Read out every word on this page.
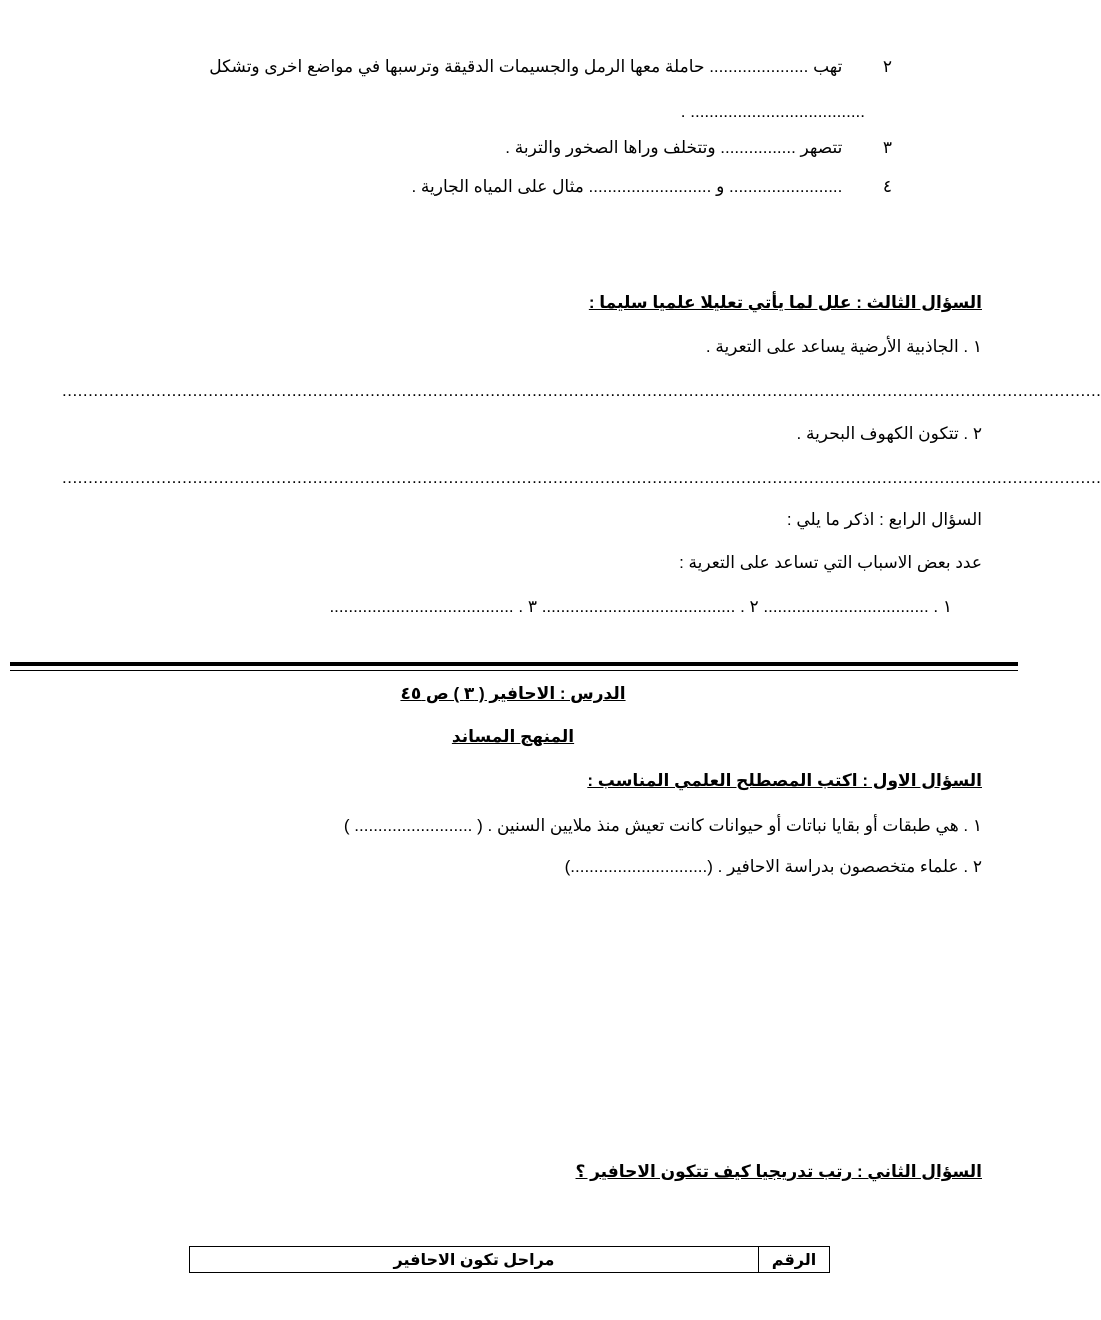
٢     تهب ..................... حاملة معها الرمل والجسيمات الدقيقة وترسبها في مواضع اخرى وتشكل
..................................... .
٣     تتصهر ................ وتتخلف وراها الصخور والتربة .
٤     ........................ و .......................... مثال على المياه الجارية .
السؤال الثالث : علل لما يأتي تعليلا علميا سليما :
١ . الجاذبية الأرضية يساعد على التعرية .
.......................................................................................................................................................................................................
٢ . تتكون الكهوف البحرية .
.......................................................................................................................................................................................................
السؤال الرابع : اذكر ما يلي :
عدد بعض الاسباب التي تساعد على التعرية :
١ . ................................... ٢ . ......................................... ٣ . .......................................
الدرس : الاحافير ( ٣ ) ص ٤٥
المنهج المساند
السؤال الاول : اكتب المصطلح العلمي المناسب :
١ . هي طبقات أو بقايا نباتات أو حيوانات كانت تعيش منذ ملايين السنين . ( ......................... )
٢ . علماء متخصصون بدراسة الاحافير . (.............................)
السؤال الثاني : رتب تدريجيا كيف تتكون الاحافير ؟
الرقم	مراحل تكون الاحافير
